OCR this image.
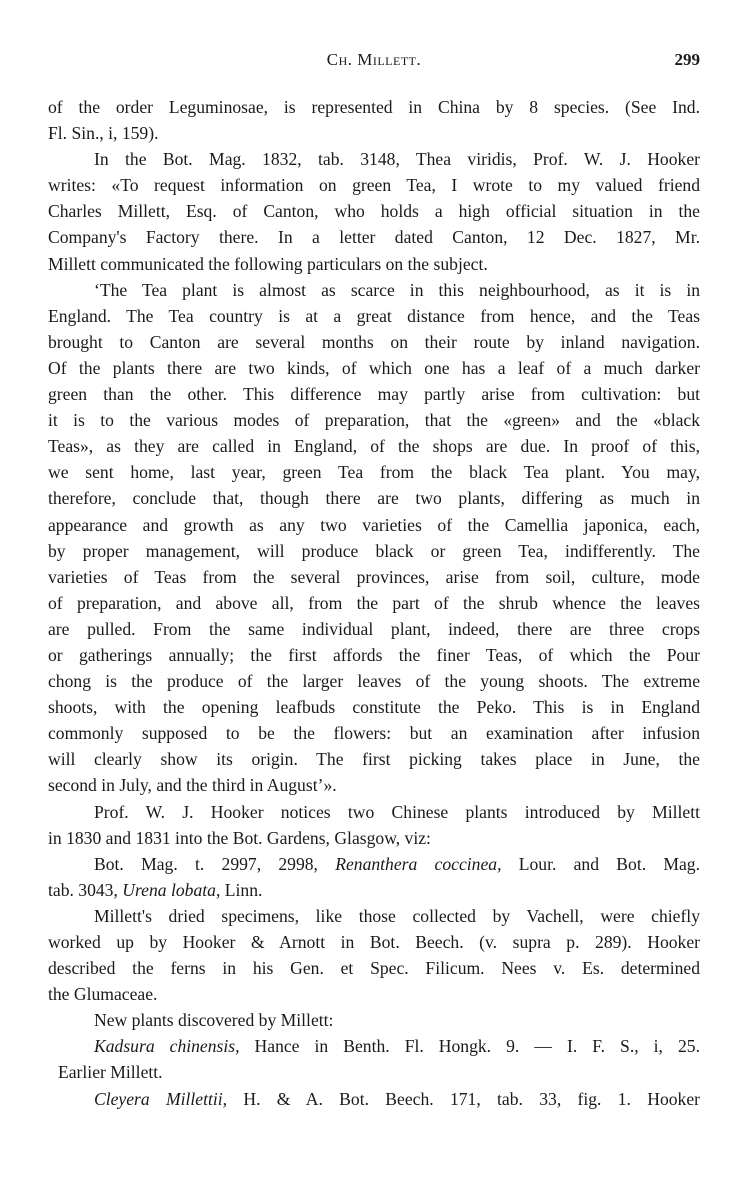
Ch. Millett.	299
of the order Leguminosae, is represented in China by 8 species. (See Ind.
Fl. Sin., i, 159).
In the Bot. Mag. 1832, tab. 3148, Thea viridis, Prof. W. J. Hooker
writes: «To request information on green Tea, I wrote to my valued friend
Charles Millett, Esq. of Canton, who holds a high official situation in the
Company's Factory there. In a letter dated Canton, 12 Dec. 1827, Mr.
Millett communicated the following particulars on the subject.
‘The Tea plant is almost as scarce in this neighbourhood, as it is in
England. The Tea country is at a great distance from hence, and the Teas
brought to Canton are several months on their route by inland navigation.
Of the plants there are two kinds, of which one has a leaf of a much darker
green than the other. This difference may partly arise from cultivation: but
it is to the various modes of preparation, that the «green» and the «black
Teas», as they are called in England, of the shops are due. In proof of this,
we sent home, last year, green Tea from the black Tea plant. You may,
therefore, conclude that, though there are two plants, differing as much in
appearance and growth as any two varieties of the Camellia japonica, each,
by proper management, will produce black or green Tea, indifferently. The
varieties of Teas from the several provinces, arise from soil, culture, mode
of preparation, and above all, from the part of the shrub whence the leaves
are pulled. From the same individual plant, indeed, there are three crops
or gatherings annually; the first affords the finer Teas, of which the Pour
chong is the produce of the larger leaves of the young shoots. The extreme
shoots, with the opening leafbuds constitute the Peko. This is in England
commonly supposed to be the flowers: but an examination after infusion
will clearly show its origin. The first picking takes place in June, the
second in July, and the third in August’».
Prof. W. J. Hooker notices two Chinese plants introduced by Millett
in 1830 and 1831 into the Bot. Gardens, Glasgow, viz:
Bot. Mag. t. 2997, 2998, Renanthera coccinea, Lour. and Bot. Mag.
tab. 3043, Urena lobata, Linn.
Millett's dried specimens, like those collected by Vachell, were chiefly
worked up by Hooker & Arnott in Bot. Beech. (v. supra p. 289). Hooker
described the ferns in his Gen. et Spec. Filicum. Nees v. Es. determined
the Glumaceae.
New plants discovered by Millett:
Kadsura chinensis, Hance in Benth. Fl. Hongk. 9. — I. F. S., i, 25.
Earlier Millett.
Cleyera Millettii, H. & A. Bot. Beech. 171, tab. 33, fig. 1. Hooker
